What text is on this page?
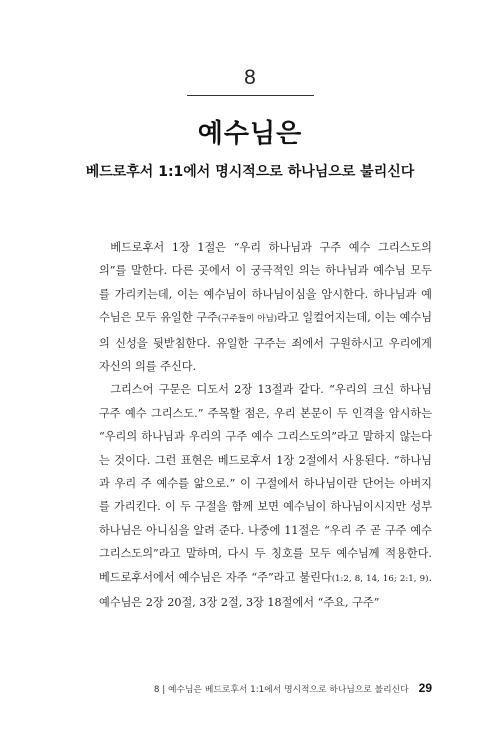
8
예수님은
베드로후서 1:1에서 명시적으로 하나님으로 불리신다

베드로후서 1장 1절은 “우리 하나님과 구주 예수 그리스도의 의”를 말한다. 다른 곳에서 이 궁극적인 의는 하나님과 예수님 모두를 가리키는데, 이는 예수님이 하나님이심을 암시한다. 하나님과 예수님은 모두 유일한 구주(구주들이 아님)라고 일컬어지는데, 이는 예수님의 신성을 뒷받침한다. 유일한 구주는 죄에서 구원하시고 우리에게 자신의 의를 주신다.

그리스어 구문은 디도서 2장 13절과 같다. “우리의 크신 하나님 구주 예수 그리스도.” 주목할 점은, 우리 본문이 두 인격을 암시하는 “우리의 하나님과 우리의 구주 예수 그리스도의”라고 말하지 않는다는 것이다. 그런 표현은 베드로후서 1장 2절에서 사용된다. “하나님과 우리 주 예수를 앎으로.” 이 구절에서 하나님이란 단어는 아버지를 가리킨다. 이 두 구절을 함께 보면 예수님이 하나님이시지만 성부 하나님은 아니심을 알려 준다. 나중에 11절은 “우리 주 곧 구주 예수 그리스도의”라고 말하며, 다시 두 칭호를 모두 예수님께 적용한다. 베드로후서에서 예수님은 자주 “주”라고 불린다(1:2, 8, 14, 16; 2:1, 9). 예수님은 2장 20절, 3장 2절, 3장 18절에서 “주요, 구주”

8 | 예수님은 베드로후서 1:1에서 명시적으로 하나님으로 불리신다 29
